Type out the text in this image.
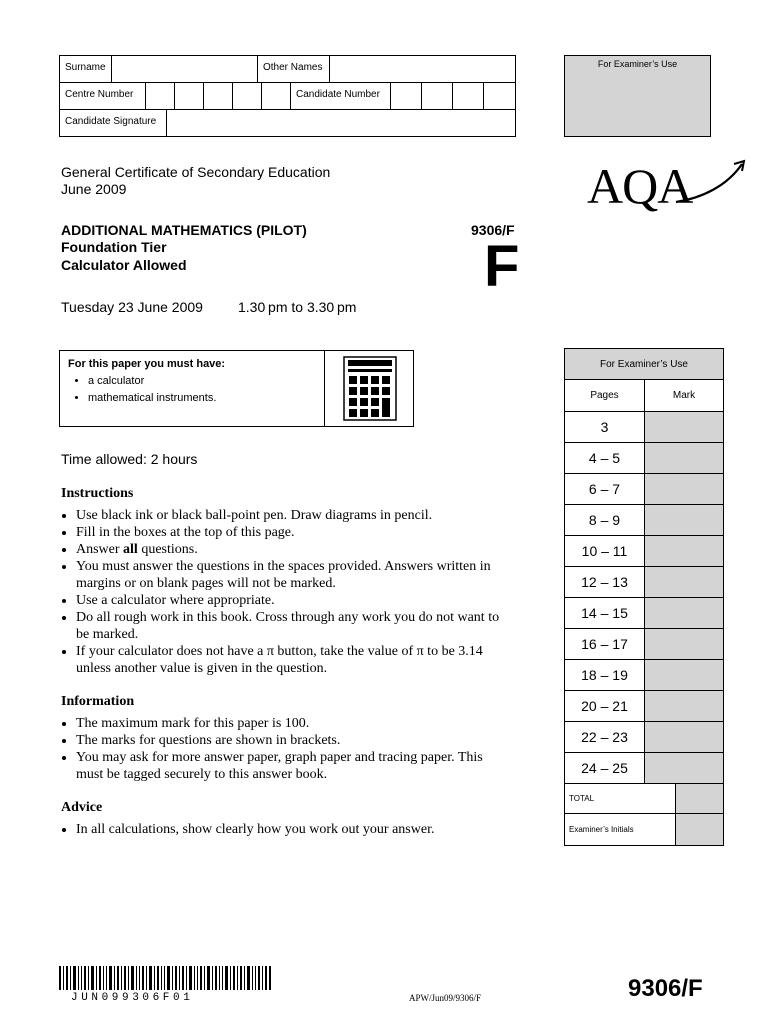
Surname	Other Names
Centre Number	Candidate Number
Candidate Signature
For Examiner’s Use
AQA
General Certificate of Secondary Education
June 2009
ADDITIONAL MATHEMATICS (PILOT)
Foundation Tier
Calculator Allowed
9306/F
F
Tuesday 23 June 2009	1.30 pm to 3.30 pm
For this paper you must have:
• a calculator
• mathematical instruments.
Time allowed: 2 hours
Instructions
• Use black ink or black ball-point pen. Draw diagrams in pencil.
• Fill in the boxes at the top of this page.
• Answer all questions.
• You must answer the questions in the spaces provided. Answers written in margins or on blank pages will not be marked.
• Use a calculator where appropriate.
• Do all rough work in this book. Cross through any work you do not want to be marked.
• If your calculator does not have a π button, take the value of π to be 3.14 unless another value is given in the question.
Information
• The maximum mark for this paper is 100.
• The marks for questions are shown in brackets.
• You may ask for more answer paper, graph paper and tracing paper. This must be tagged securely to this answer book.
Advice
• In all calculations, show clearly how you work out your answer.
For Examiner’s Use
Pages	Mark
3
4 – 5
6 – 7
8 – 9
10 – 11
12 – 13
14 – 15
16 – 17
18 – 19
20 – 21
22 – 23
24 – 25
TOTAL
Examiner’s Initials
JUN099306F01	APW/Jun09/9306/F	9306/F
